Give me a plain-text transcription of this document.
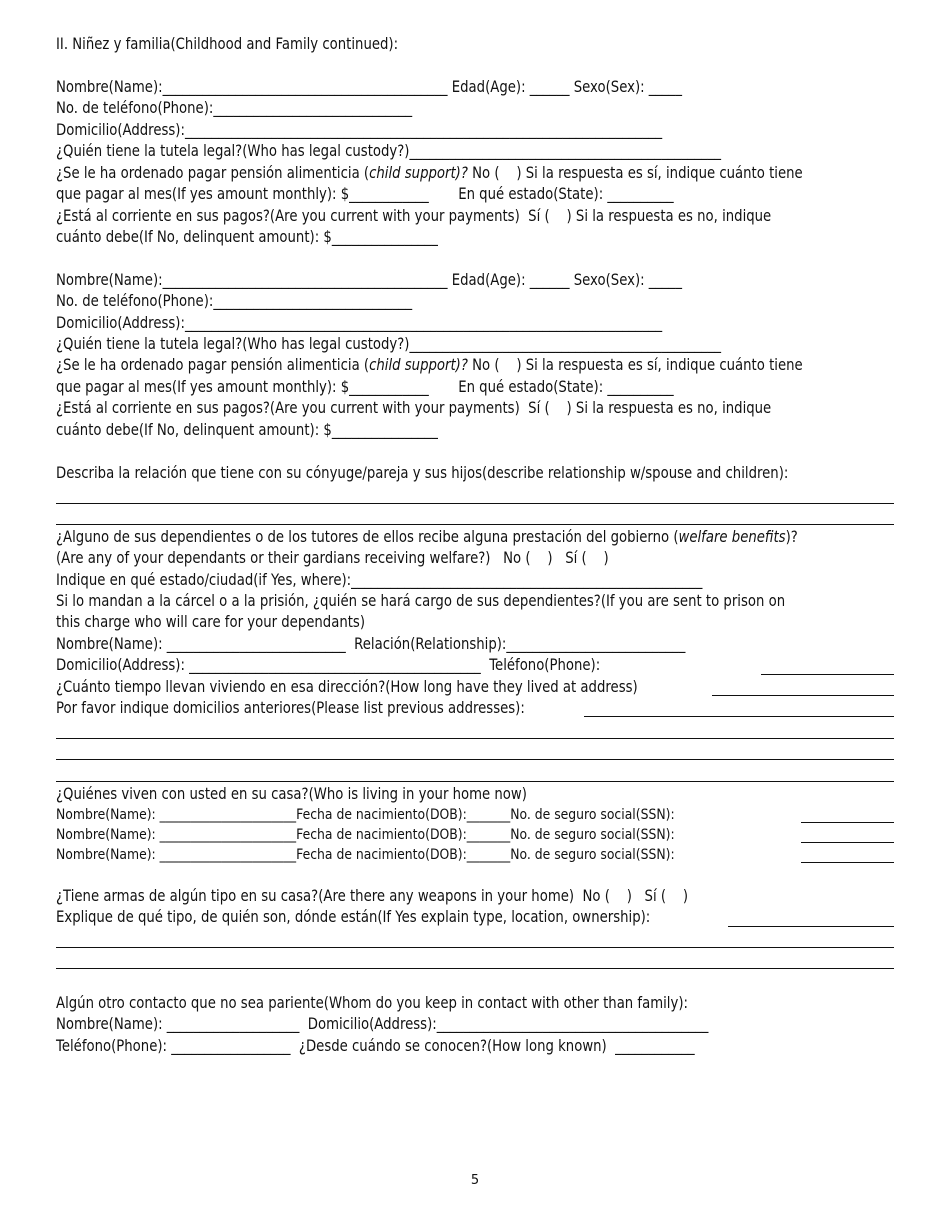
II. Niñez y familia(Childhood and Family continued):
Nombre(Name):___________________________________________ Edad(Age): ______ Sexo(Sex): _____
No. de teléfono(Phone):______________________________
Domicilio(Address):________________________________________________________________________
¿Quién tiene la tutela legal?(Who has legal custody?)_______________________________________________
¿Se le ha ordenado pagar pensión alimenticia (child support)? No (    ) Si la respuesta es sí, indique cuánto tiene
que pagar al mes(If yes amount monthly): $____________       En qué estado(State): __________
¿Está al corriente en sus pagos?(Are you current with your payments)  Sí (    ) Si la respuesta es no, indique
cuánto debe(If No, delinquent amount): $________________
Nombre(Name):___________________________________________ Edad(Age): ______ Sexo(Sex): _____
No. de teléfono(Phone):______________________________
Domicilio(Address):________________________________________________________________________
¿Quién tiene la tutela legal?(Who has legal custody?)_______________________________________________
¿Se le ha ordenado pagar pensión alimenticia (child support)? No (    ) Si la respuesta es sí, indique cuánto tiene
que pagar al mes(If yes amount monthly): $____________       En qué estado(State): __________
¿Está al corriente en sus pagos?(Are you current with your payments)  Sí (    ) Si la respuesta es no, indique
cuánto debe(If No, delinquent amount): $________________
Describa la relación que tiene con su cónyuge/pareja y sus hijos(describe relationship w/spouse and children):
¿Alguno de sus dependientes o de los tutores de ellos recibe alguna prestación del gobierno (welfare benefits)?
(Are any of your dependants or their gardians receiving welfare?)   No (    )   Sí (    )
Indique en qué estado/ciudad(if Yes, where):_____________________________________________________
Si lo mandan a la cárcel o a la prisión, ¿quién se hará cargo de sus dependientes?(If you are sent to prison on
this charge who will care for your dependants)
Nombre(Name): ___________________________  Relación(Relationship):___________________________
Domicilio(Address): ____________________________________________  Teléfono(Phone):
¿Cuánto tiempo llevan viviendo en esa dirección?(How long have they lived at address)
Por favor indique domicilios anteriores(Please list previous addresses):
¿Quiénes viven con usted en su casa?(Who is living in your home now)
Nombre(Name): ______________________Fecha de nacimiento(DOB):_______No. de seguro social(SSN):
Nombre(Name): ______________________Fecha de nacimiento(DOB):_______No. de seguro social(SSN):
Nombre(Name): ______________________Fecha de nacimiento(DOB):_______No. de seguro social(SSN):
¿Tiene armas de algún tipo en su casa?(Are there any weapons in your home)  No (    )   Sí (    )
Explique de qué tipo, de quién son, dónde están(If Yes explain type, location, ownership):
Algún otro contacto que no sea pariente(Whom do you keep in contact with other than family):
Nombre(Name): ____________________  Domicilio(Address):_________________________________________
Teléfono(Phone): __________________  ¿Desde cuándo se conocen?(How long known)  ____________
5
